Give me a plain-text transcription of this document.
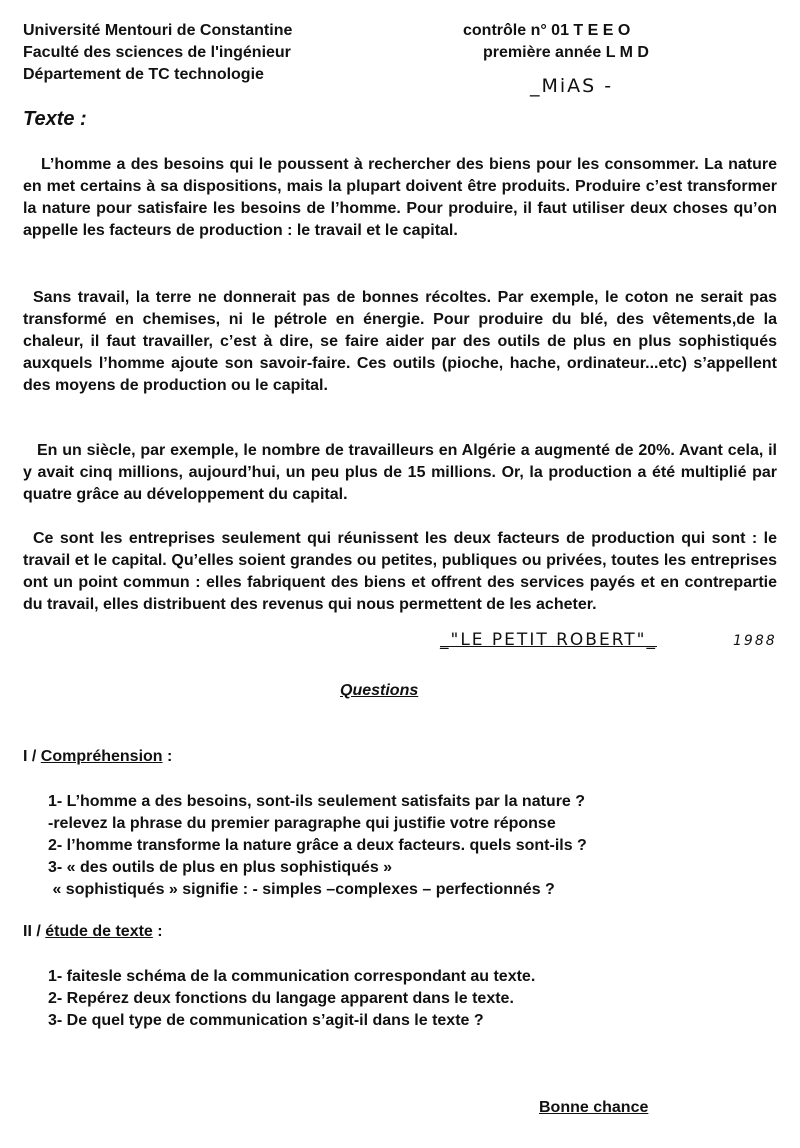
Université Mentouri de Constantine
Faculté des sciences de l'ingénieur
Département de TC technologie
contrôle n° 01 T E E O
première année L M D
_MiAS -
Texte :

L’homme a des besoins qui le poussent à rechercher des biens pour les consommer. La nature en met certains à sa dispositions, mais la plupart doivent être produits. Produire c’est transformer la nature pour satisfaire les besoins de l’homme. Pour produire, il faut utiliser deux choses qu’on appelle les facteurs de production : le travail et le capital.

Sans travail, la terre ne donnerait pas de bonnes récoltes. Par exemple, le coton ne serait pas transformé en chemises, ni le pétrole en énergie. Pour produire du blé, des vêtements,de la chaleur, il faut travailler, c’est à dire, se faire aider par des outils de plus en plus sophistiqués auxquels l’homme ajoute son savoir-faire. Ces outils (pioche, hache, ordinateur...etc) s’appellent des moyens de production ou le capital.

En un siècle, par exemple, le nombre de travailleurs en Algérie a augmenté de 20%. Avant cela, il y avait cinq millions, aujourd’hui, un peu plus de 15 millions. Or, la production a été multiplié par quatre grâce au développement du capital.

Ce sont les entreprises seulement qui réunissent les deux facteurs de production qui sont : le travail et le capital. Qu’elles soient grandes ou petites, publiques ou privées, toutes les entreprises ont un point commun : elles fabriquent des biens et offrent des services payés et en contrepartie du travail, elles distribuent des revenus qui nous permettent de les acheter.

_"LE PETIT ROBERT"_	1988
Questions
I / Compréhension :
1- L’homme a des besoins, sont-ils seulement satisfaits par la nature ?
-relevez la phrase du premier paragraphe qui justifie votre réponse
2- l’homme transforme la nature grâce a deux facteurs. quels sont-ils ?
3- « des outils de plus en plus sophistiqués »
« sophistiqués » signifie : - simples –complexes – perfectionnés ?
II / étude de texte :
1- faitesle schéma de la communication correspondant au texte.
2- Repérez deux fonctions du langage apparent dans le texte.
3- De quel type de communication s’agit-il dans le texte ?
Bonne chance
